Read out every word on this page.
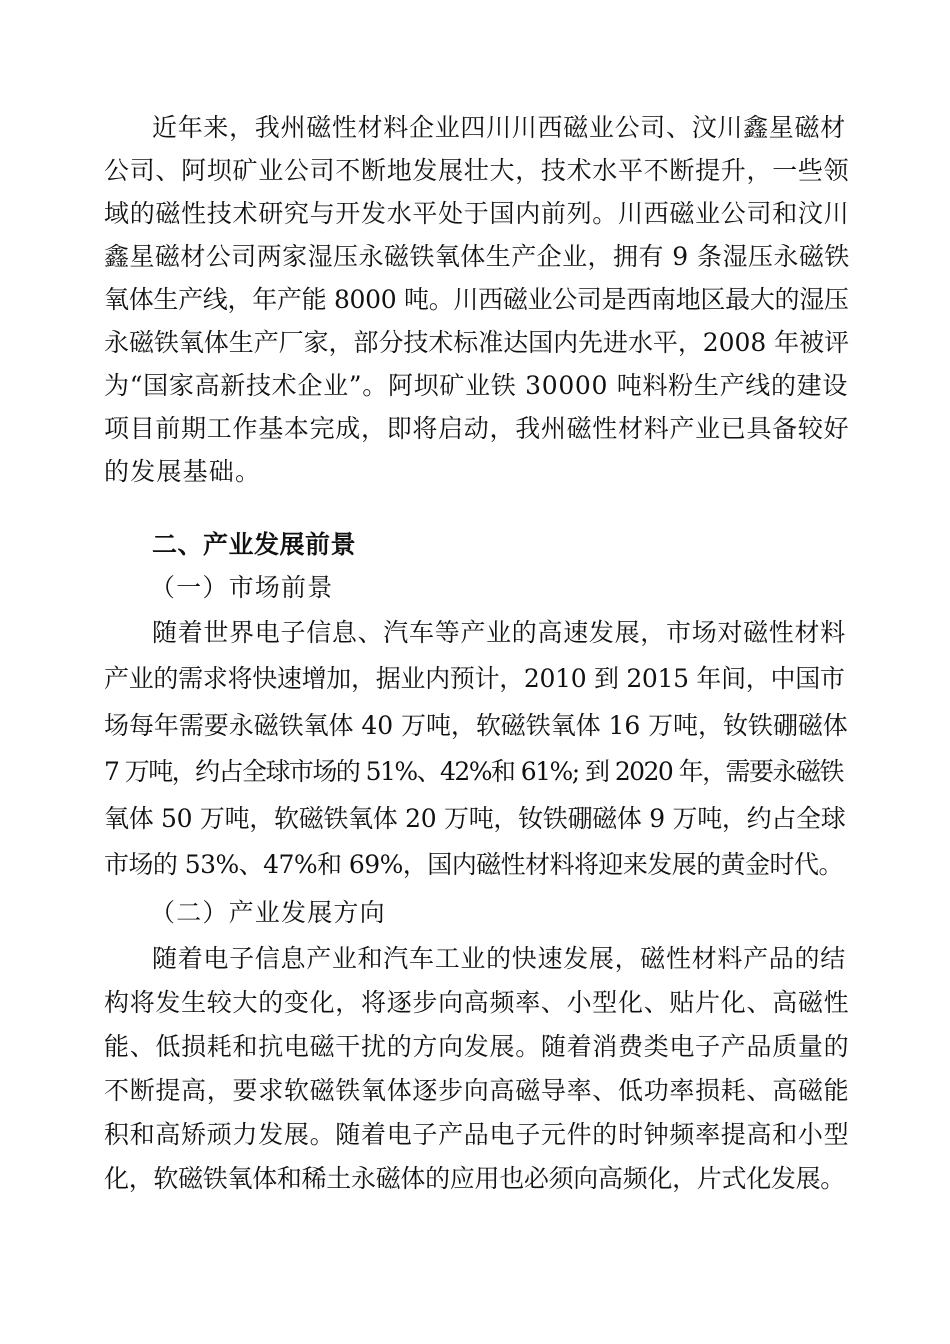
近年来，我州磁性材料企业四川川西磁业公司、汶川鑫星磁材
公司、阿坝矿业公司不断地发展壮大，技术水平不断提升，一些领
域的磁性技术研究与开发水平处于国内前列。川西磁业公司和汶川
鑫星磁材公司两家湿压永磁铁氧体生产企业，拥有 9 条湿压永磁铁
氧体生产线，年产能 8000 吨。川西磁业公司是西南地区最大的湿压
永磁铁氧体生产厂家，部分技术标准达国内先进水平，2008 年被评
为“国家高新技术企业”。阿坝矿业铁 30000 吨料粉生产线的建设
项目前期工作基本完成，即将启动，我州磁性材料产业已具备较好
的发展基础。
二、产业发展前景
（一）市场前景
随着世界电子信息、汽车等产业的高速发展，市场对磁性材料
产业的需求将快速增加，据业内预计，2010 到 2015 年间，中国市
场每年需要永磁铁氧体 40 万吨，软磁铁氧体 16 万吨，钕铁硼磁体
7 万吨，约占全球市场的 51%、42%和 61%; 到 2020 年，需要永磁铁
氧体 50 万吨，软磁铁氧体 20 万吨，钕铁硼磁体 9 万吨，约占全球
市场的 53%、47%和 69%，国内磁性材料将迎来发展的黄金时代。
（二）产业发展方向
随着电子信息产业和汽车工业的快速发展，磁性材料产品的结
构将发生较大的变化，将逐步向高频率、小型化、贴片化、高磁性
能、低损耗和抗电磁干扰的方向发展。随着消费类电子产品质量的
不断提高，要求软磁铁氧体逐步向高磁导率、低功率损耗、高磁能
积和高矫顽力发展。随着电子产品电子元件的时钟频率提高和小型
化，软磁铁氧体和稀土永磁体的应用也必须向高频化，片式化发展。
